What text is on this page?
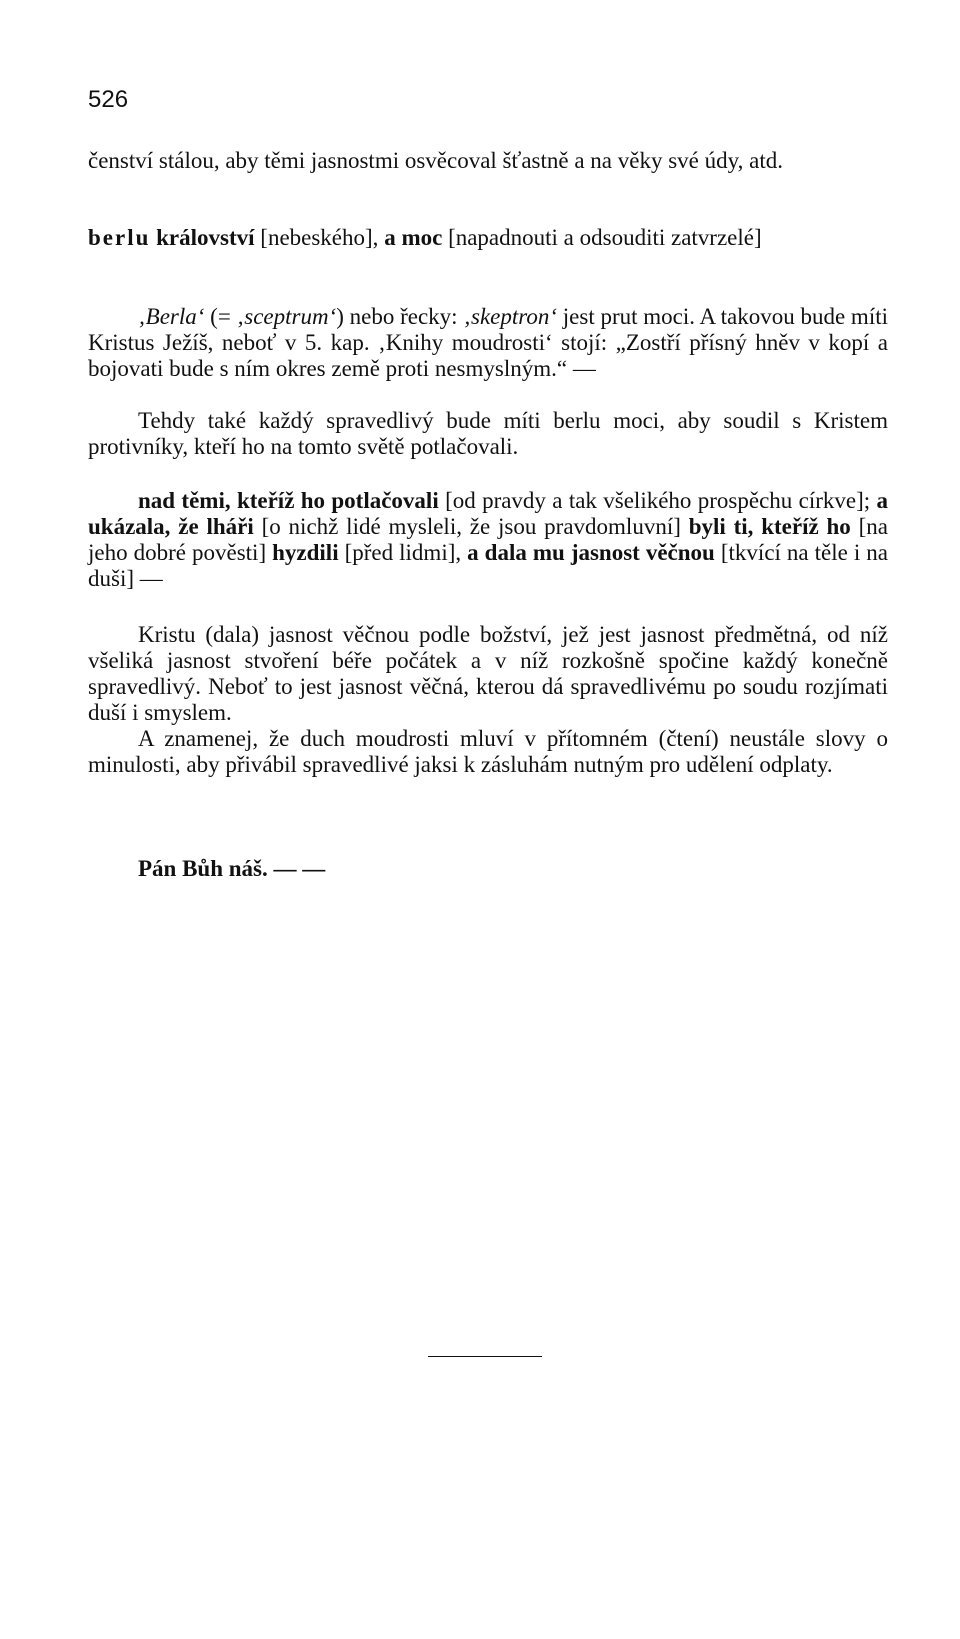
526
čenství stálou, aby těmi jasnostmi osvěcoval šťastně a na věky své údy, atd.
berlu království [nebeského], a moc [napadnouti a odsouditi zatvrzelé]
‚Berla‘ (= ‚sceptrum‘) nebo řecky: ‚skeptron‘ jest prut moci. A takovou bude míti Kristus Ježíš, neboť v 5. kap. ‚Knihy moudrosti‘ stojí: „Zostří přísný hněv v kopí a bojovati bude s ním okres země proti nesmyslným.“ —
Tehdy také každý spravedlivý bude míti berlu moci, aby soudil s Kristem protivníky, kteří ho na tomto světě potlačovali.
nad těmi, kteříž ho potlačovali [od pravdy a tak všelikého prospěchu církve]; a ukázala, že lháři [o nichž lidé mysleli, že jsou pravdomluvní] byli ti, kteříž ho [na jeho dobré pověsti] hyzdili [před lidmi], a dala mu jasnost věčnou [tkvící na těle i na duši] —
Kristu (dala) jasnost věčnou podle božství, jež jest jasnost předmětná, od níž všeliká jasnost stvoření béře počátek a v níž rozkošně spočine každý konečně spravedlivý. Neboť to jest jasnost věčná, kterou dá spravedlivému po soudu rozjímati duší i smyslem.
A znamenej, že duch moudrosti mluví v přítomném (čtení) neustále slovy o minulosti, aby přivábil spravedlivé jaksi k zásluhám nutným pro udělení odplaty.
Pán Bůh náš. — —
